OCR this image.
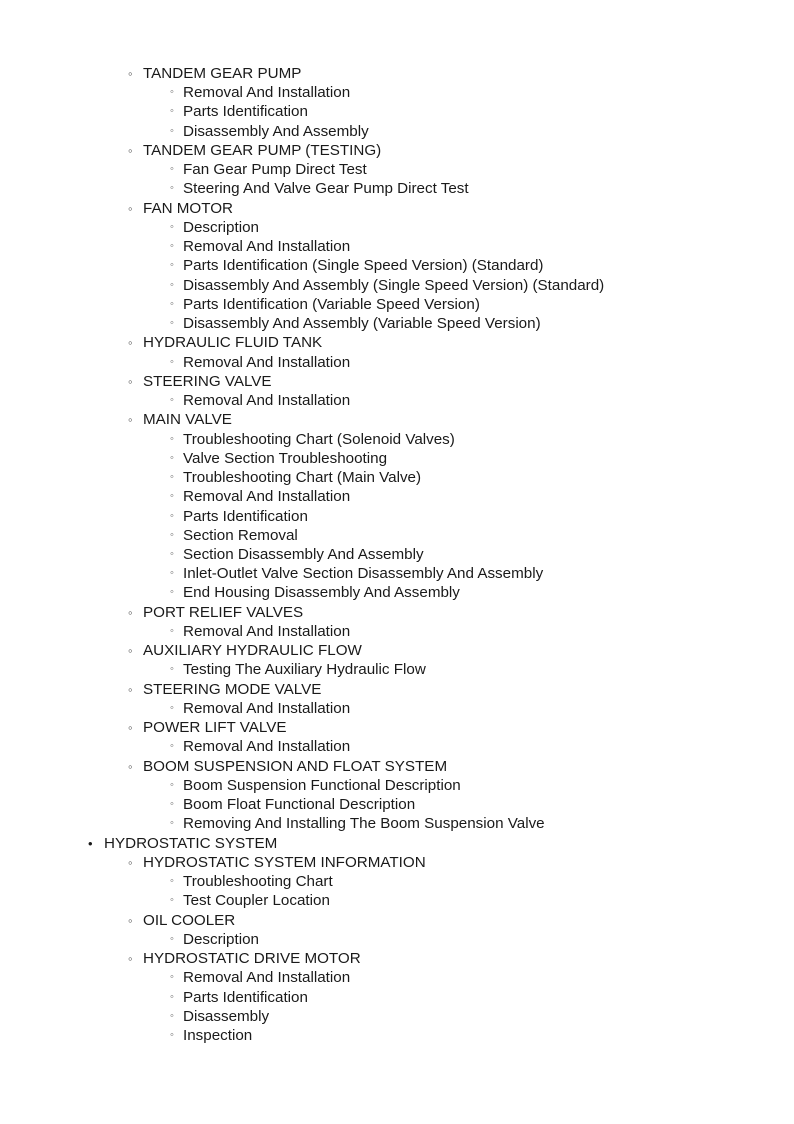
◦ TANDEM GEAR PUMP
◦ Removal And Installation
◦ Parts Identification
◦ Disassembly And Assembly
◦ TANDEM GEAR PUMP (TESTING)
◦ Fan Gear Pump Direct Test
◦ Steering And Valve Gear Pump Direct Test
◦ FAN MOTOR
◦ Description
◦ Removal And Installation
◦ Parts Identification (Single Speed Version) (Standard)
◦ Disassembly And Assembly (Single Speed Version) (Standard)
◦ Parts Identification (Variable Speed Version)
◦ Disassembly And Assembly (Variable Speed Version)
◦ HYDRAULIC FLUID TANK
◦ Removal And Installation
◦ STEERING VALVE
◦ Removal And Installation
◦ MAIN VALVE
◦ Troubleshooting Chart (Solenoid Valves)
◦ Valve Section Troubleshooting
◦ Troubleshooting Chart (Main Valve)
◦ Removal And Installation
◦ Parts Identification
◦ Section Removal
◦ Section Disassembly And Assembly
◦ Inlet-Outlet Valve Section Disassembly And Assembly
◦ End Housing Disassembly And Assembly
◦ PORT RELIEF VALVES
◦ Removal And Installation
◦ AUXILIARY HYDRAULIC FLOW
◦ Testing The Auxiliary Hydraulic Flow
◦ STEERING MODE VALVE
◦ Removal And Installation
◦ POWER LIFT VALVE
◦ Removal And Installation
◦ BOOM SUSPENSION AND FLOAT SYSTEM
◦ Boom Suspension Functional Description
◦ Boom Float Functional Description
◦ Removing And Installing The Boom Suspension Valve
• HYDROSTATIC SYSTEM
◦ HYDROSTATIC SYSTEM INFORMATION
◦ Troubleshooting Chart
◦ Test Coupler Location
◦ OIL COOLER
◦ Description
◦ HYDROSTATIC DRIVE MOTOR
◦ Removal And Installation
◦ Parts Identification
◦ Disassembly
◦ Inspection
